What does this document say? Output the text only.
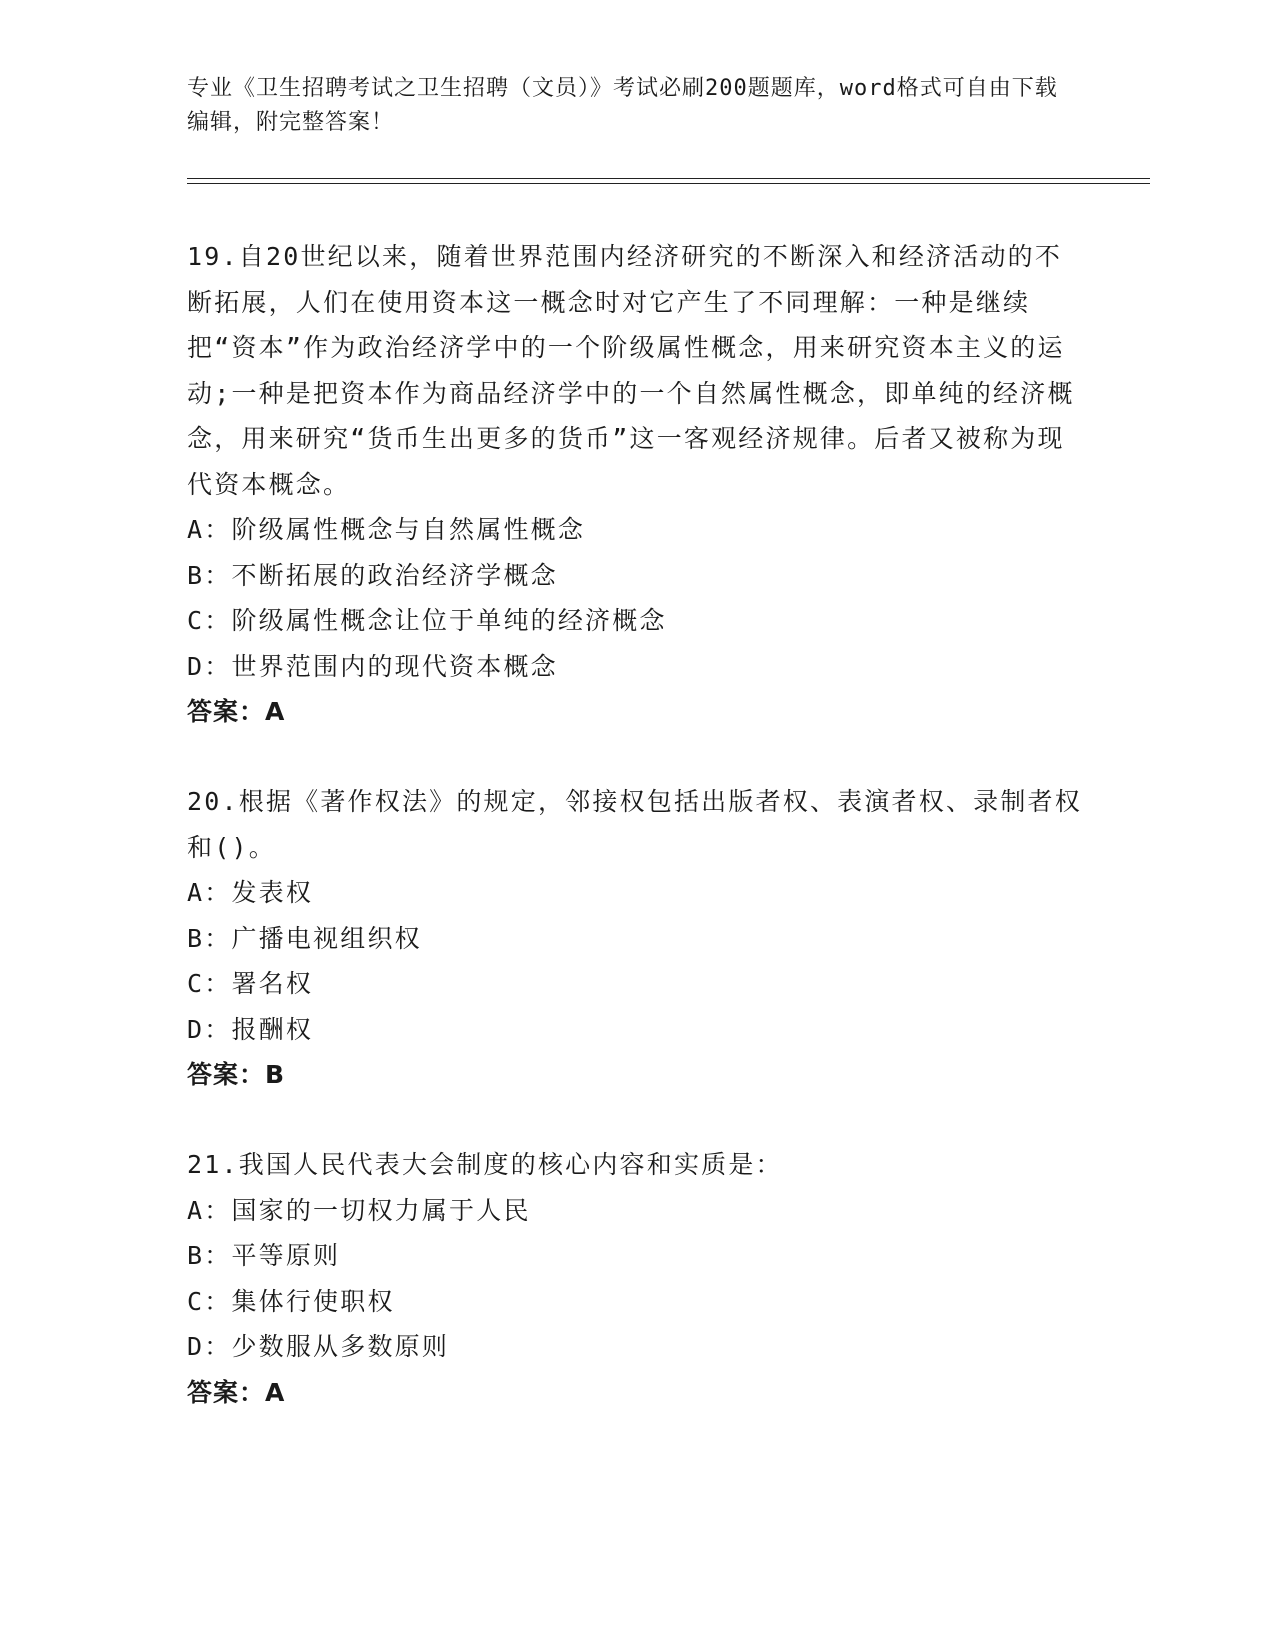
专业《卫生招聘考试之卫生招聘（文员）》考试必刷200题题库，word格式可自由下载编辑，附完整答案！
19.自20世纪以来，随着世界范围内经济研究的不断深入和经济活动的不断拓展，人们在使用资本这一概念时对它产生了不同理解：一种是继续把“资本”作为政治经济学中的一个阶级属性概念，用来研究资本主义的运动;一种是把资本作为商品经济学中的一个自然属性概念，即单纯的经济概念，用来研究“货币生出更多的货币”这一客观经济规律。后者又被称为现代资本概念。
A：阶级属性概念与自然属性概念
B：不断拓展的政治经济学概念
C：阶级属性概念让位于单纯的经济概念
D：世界范围内的现代资本概念
答案：A
20.根据《著作权法》的规定，邻接权包括出版者权、表演者权、录制者权和()。
A：发表权
B：广播电视组织权
C：署名权
D：报酬权
答案：B
21.我国人民代表大会制度的核心内容和实质是：
A：国家的一切权力属于人民
B：平等原则
C：集体行使职权
D：少数服从多数原则
答案：A
